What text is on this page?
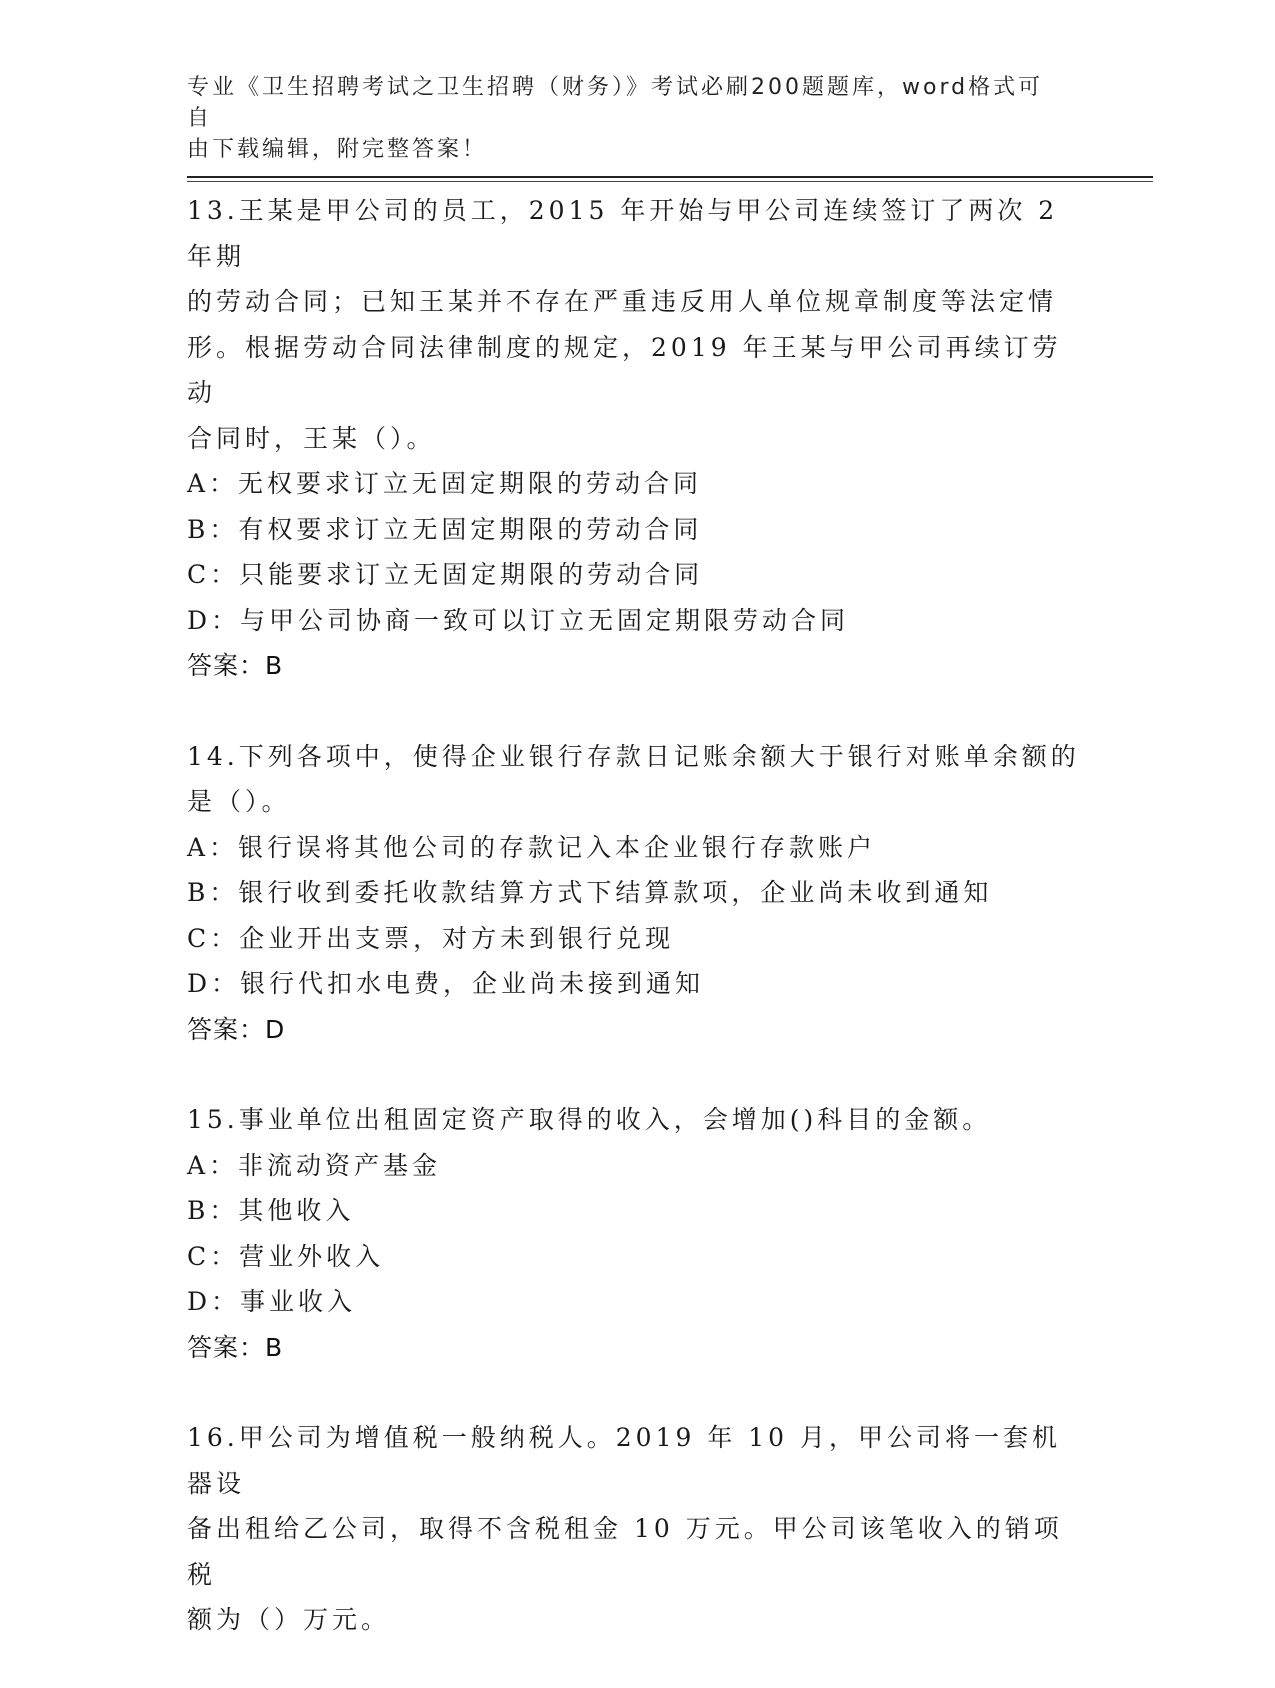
专业《卫生招聘考试之卫生招聘（财务）》考试必刷200题题库，word格式可自
由下载编辑，附完整答案！

13.王某是甲公司的员工，2015 年开始与甲公司连续签订了两次 2 年期

的劳动合同；已知王某并不存在严重违反用人单位规章制度等法定情

形。根据劳动合同法律制度的规定，2019 年王某与甲公司再续订劳动

合同时，王某（）。

A：无权要求订立无固定期限的劳动合同

B：有权要求订立无固定期限的劳动合同

C：只能要求订立无固定期限的劳动合同

D：与甲公司协商一致可以订立无固定期限劳动合同

答案：B

14.下列各项中，使得企业银行存款日记账余额大于银行对账单余额的

是（）。

A：银行误将其他公司的存款记入本企业银行存款账户

B：银行收到委托收款结算方式下结算款项，企业尚未收到通知

C：企业开出支票，对方未到银行兑现

D：银行代扣水电费，企业尚未接到通知

答案：D

15.事业单位出租固定资产取得的收入，会增加()科目的金额。

A：非流动资产基金

B：其他收入

C：营业外收入

D：事业收入

答案：B

16.甲公司为增值税一般纳税人。2019 年 10 月，甲公司将一套机器设

备出租给乙公司，取得不含税租金 10 万元。甲公司该笔收入的销项税

额为（）万元。
